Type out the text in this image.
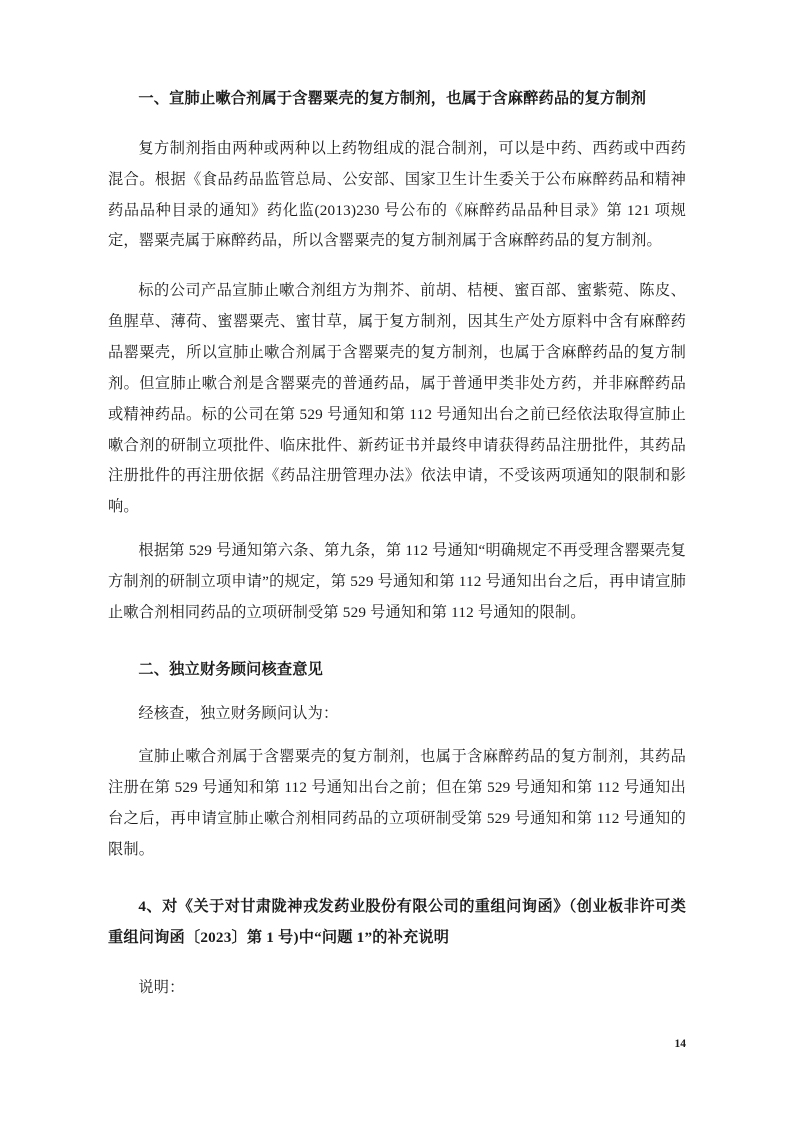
一、宣肺止嗽合剂属于含罂粟壳的复方制剂，也属于含麻醉药品的复方制剂

复方制剂指由两种或两种以上药物组成的混合制剂，可以是中药、西药或中西药混合。根据《食品药品监管总局、公安部、国家卫生计生委关于公布麻醉药品和精神药品品种目录的通知》药化监(2013)230 号公布的《麻醉药品品种目录》第 121 项规定，罂粟壳属于麻醉药品，所以含罂粟壳的复方制剂属于含麻醉药品的复方制剂。

标的公司产品宣肺止嗽合剂组方为荆芥、前胡、桔梗、蜜百部、蜜紫菀、陈皮、鱼腥草、薄荷、蜜罂粟壳、蜜甘草，属于复方制剂，因其生产处方原料中含有麻醉药品罂粟壳，所以宣肺止嗽合剂属于含罂粟壳的复方制剂，也属于含麻醉药品的复方制剂。但宣肺止嗽合剂是含罂粟壳的普通药品，属于普通甲类非处方药，并非麻醉药品或精神药品。标的公司在第 529 号通知和第 112 号通知出台之前已经依法取得宣肺止嗽合剂的研制立项批件、临床批件、新药证书并最终申请获得药品注册批件，其药品注册批件的再注册依据《药品注册管理办法》依法申请，不受该两项通知的限制和影响。

根据第 529 号通知第六条、第九条，第 112 号通知“明确规定不再受理含罂粟壳复方制剂的研制立项申请”的规定，第 529 号通知和第 112 号通知出台之后，再申请宣肺止嗽合剂相同药品的立项研制受第 529 号通知和第 112 号通知的限制。

二、独立财务顾问核查意见

经核查，独立财务顾问认为：

宣肺止嗽合剂属于含罂粟壳的复方制剂，也属于含麻醉药品的复方制剂，其药品注册在第 529 号通知和第 112 号通知出台之前；但在第 529 号通知和第 112 号通知出台之后，再申请宣肺止嗽合剂相同药品的立项研制受第 529 号通知和第 112 号通知的限制。

4、对《关于对甘肃陇神戎发药业股份有限公司的重组问询函》（创业板非许可类重组问询函〔2023〕第 1 号)中“问题 1”的补充说明

说明：

14
